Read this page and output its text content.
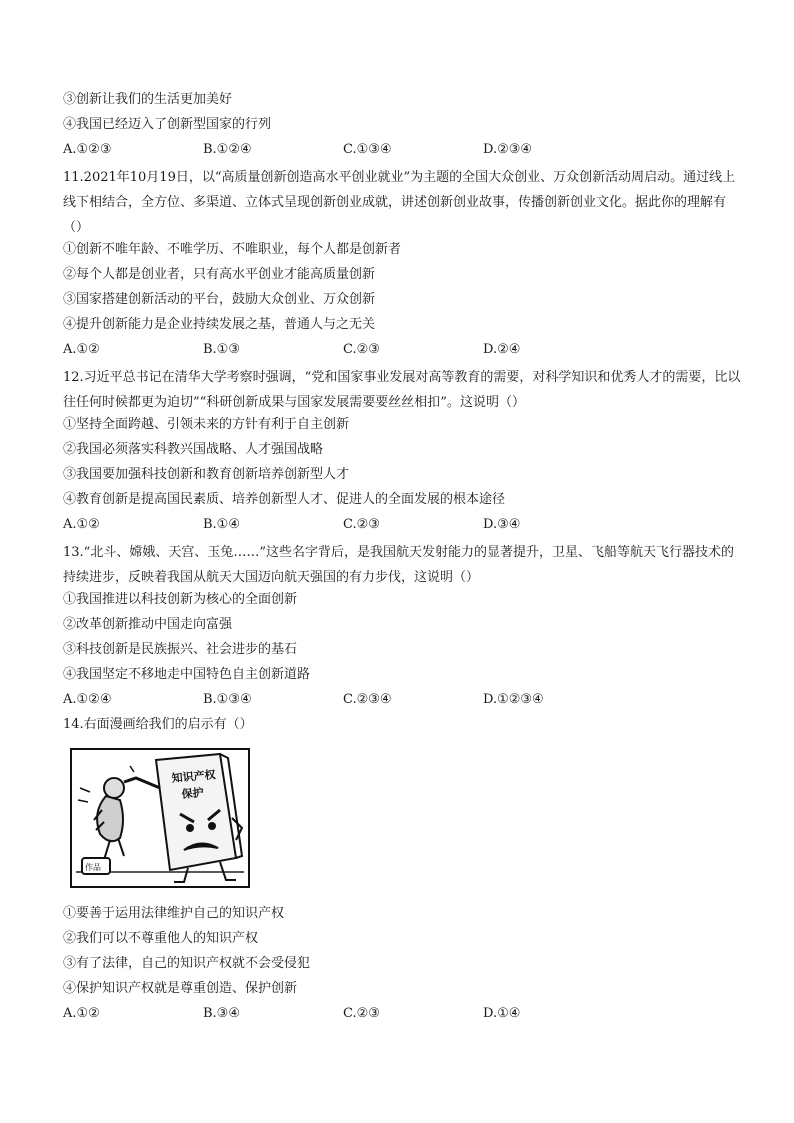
③创新让我们的生活更加美好
④我国已经迈入了创新型国家的行列
A.①②③	B.①②④	C.①③④	D.②③④
11.2021年10月19日，以“高质量创新创造高水平创业就业”为主题的全国大众创业、万众创新活动周启动。通过线上线下相结合，全方位、多渠道、立体式呈现创新创业成就，讲述创新创业故事，传播创新创业文化。据此你的理解有（）
①创新不唯年龄、不唯学历、不唯职业，每个人都是创新者
②每个人都是创业者，只有高水平创业才能高质量创新
③国家搭建创新活动的平台，鼓励大众创业、万众创新
④提升创新能力是企业持续发展之基，普通人与之无关
A.①②	B.①③	C.②③	D.②④
12.习近平总书记在清华大学考察时强调，“党和国家事业发展对高等教育的需要，对科学知识和优秀人才的需要，比以往任何时候都更为迫切”“科研创新成果与国家发展需要要丝丝相扣”。这说明（）
①坚持全面跨越、引领未来的方针有利于自主创新
②我国必须落实科教兴国战略、人才强国战略
③我国要加强科技创新和教育创新培养创新型人才
④教育创新是提高国民素质、培养创新型人才、促进人的全面发展的根本途径
A.①②	B.①④	C.②③	D.③④
13.“北斗、嫦娥、天宫、玉兔……”这些名字背后，是我国航天发射能力的显著提升，卫星、飞船等航天飞行器技术的持续进步，反映着我国从航天大国迈向航天强国的有力步伐，这说明（）
①我国推进以科技创新为核心的全面创新
②改革创新推动中国走向富强
③科技创新是民族振兴、社会进步的基石
④我国坚定不移地走中国特色自主创新道路
A.①②④	B.①③④	C.②③④	D.①②③④
14.右面漫画给我们的启示有（）
知识产权
保护
作品
①要善于运用法律维护自己的知识产权
②我们可以不尊重他人的知识产权
③有了法律，自己的知识产权就不会受侵犯
④保护知识产权就是尊重创造、保护创新
A.①②	B.③④	C.②③	D.①④
